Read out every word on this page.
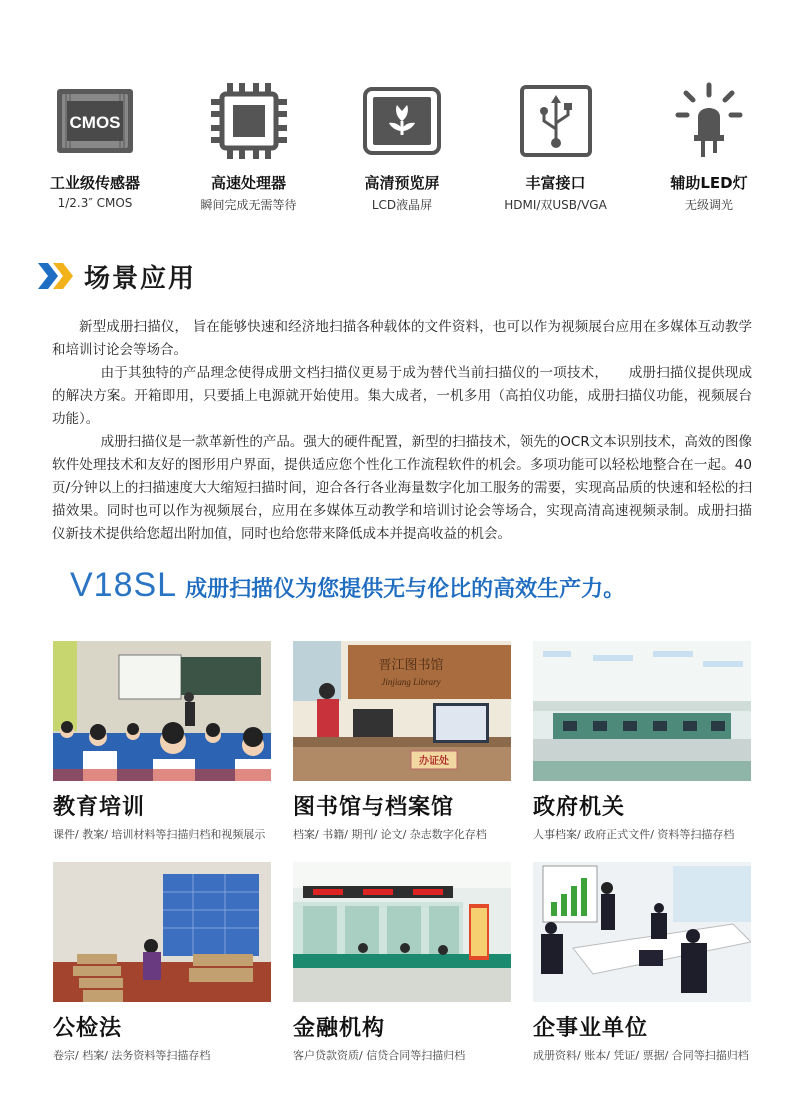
CMOS
工业级传感器
1/2.3″ CMOS
高速处理器
瞬间完成无需等待
高清预览屏
LCD液晶屏
丰富接口
HDMI/双USB/VGA
辅助LED灯
无级调光
场景应用

新型成册扫描仪， 旨在能够快速和经济地扫描各种载体的文件资料，也可以作为视频展台应用在多媒体互动教学和培训讨论会等场合。

由于其独特的产品理念使得成册文档扫描仪更易于成为替代当前扫描仪的一项技术，　　成册扫描仪提供现成的解决方案。开箱即用，只要插上电源就开始使用。集大成者，一机多用（高拍仪功能，成册扫描仪功能，视频展台功能）。

成册扫描仪是一款革新性的产品。强大的硬件配置，新型的扫描技术，领先的OCR文本识别技术，高效的图像软件处理技术和友好的图形用户界面，提供适应您个性化工作流程软件的机会。多项功能可以轻松地整合在一起。40页/分钟以上的扫描速度大大缩短扫描时间，迎合各行各业海量数字化加工服务的需要，实现高品质的快速和轻松的扫描效果。同时也可以作为视频展台，应用在多媒体互动教学和培训讨论会等场合，实现高清高速视频录制。成册扫描仪新技术提供给您超出附加值，同时也给您带来降低成本并提高收益的机会。

V18SL 成册扫描仪为您提供无与伦比的高效生产力。
教育培训
课件/ 教案/ 培训材料等扫描归档和视频展示
晋江图书馆
Jinjiang Library
办证处
图书馆与档案馆
档案/ 书籍/ 期刊/ 论文/ 杂志数字化存档
政府机关
人事档案/ 政府正式文件/ 资料等扫描存档
公检法
卷宗/ 档案/ 法务资料等扫描存档
金融机构
客户贷款资质/ 信贷合同等扫描归档
企事业单位
成册资料/ 账本/ 凭证/ 票据/ 合同等扫描归档
